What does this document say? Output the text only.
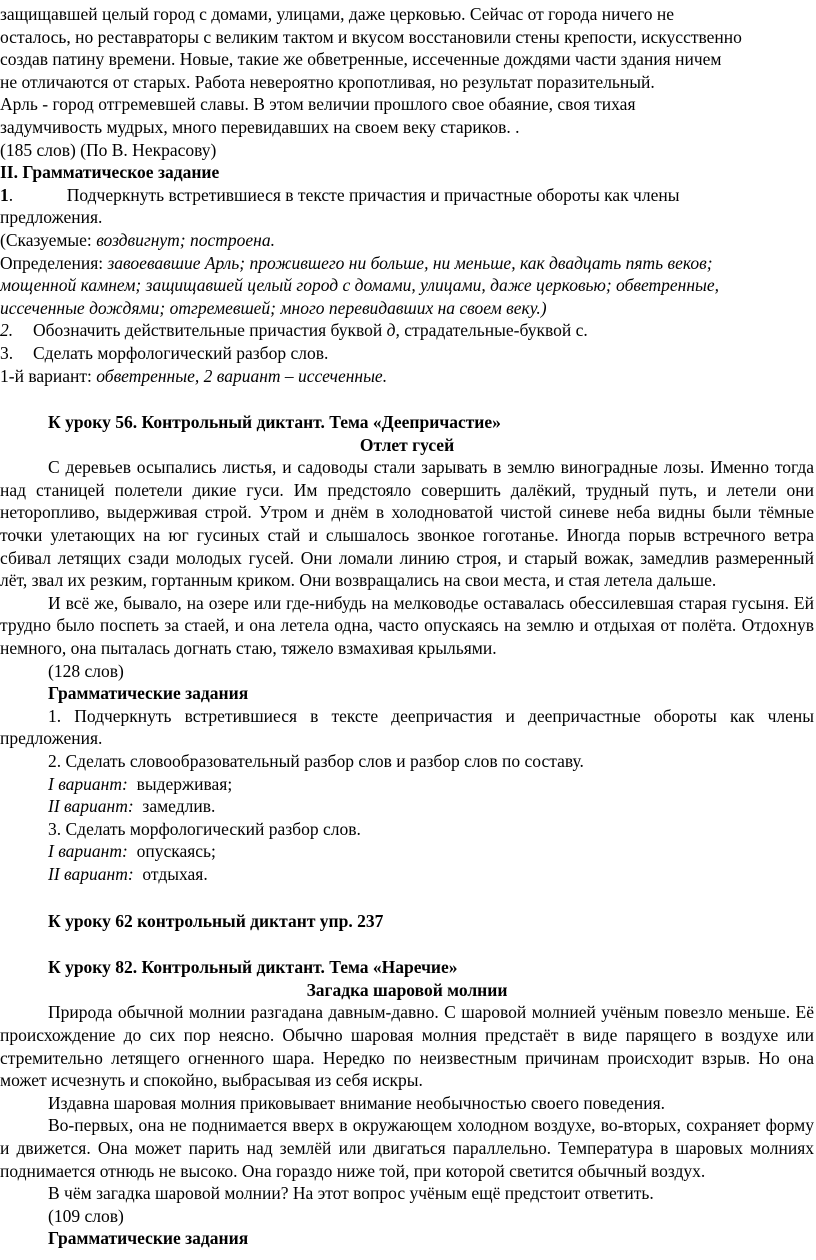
защищавшей целый город с домами, улицами, даже церковью. Сейчас от города ничего не

осталось, но реставраторы с великим тактом и вкусом восстановили стены крепости, искусственно

создав патину времени. Новые, такие же обветренные, иссеченные дождями части здания ничем

не отличаются от старых. Работа невероятно кропотливая, но результат поразительный.

Арль - город отгремевшей славы. В этом величии прошлого свое обаяние, своя тихая

задумчивость мудрых, много перевидавших на своем веку стариков. .

(185 слов) (По В. Некрасову)

II. Грамматическое задание

1.	Подчеркнуть встретившиеся в тексте причастия и причастные обороты как члены

предложения.

(Сказуемые: воздвигнут; построена.

Определения: завоевавшие Арль; прожившего ни больше, ни меньше, как двадцать пять веков;

мощенной камнем; защищавшей целый город с домами, улицами, даже церковью; обветренные,

иссеченные дождями; отгремевшей; много перевидавших на своем веку.)

2. Обозначить действительные причастия буквой д, страдательные-буквой с.

3. Сделать морфологический разбор слов.

1-й вариант: обветренные, 2 вариант – иссеченные.

К уроку 56. Контрольный диктант. Тема «Деепричастие»

Отлет гусей

С деревьев осыпались листья, и садоводы стали зарывать в землю виноградные лозы. Именно тогда над станицей полетели дикие гуси. Им предстояло совершить далёкий, трудный путь, и летели они неторопливо, выдерживая строй. Утром и днём в холодноватой чистой синеве неба видны были тёмные точки улетающих на юг гусиных стай и слышалось звонкое гоготанье. Иногда порыв встречного ветра сбивал летящих сзади молодых гусей. Они ломали линию строя, и старый вожак, замедлив размеренный лёт, звал их резким, гортанным криком. Они возвращались на свои места, и стая летела дальше.

И всё же, бывало, на озере или где-нибудь на мелководье оставалась обессилевшая старая гусыня. Ей трудно было поспеть за стаей, и она летела одна, часто опускаясь на землю и отдыхая от полёта. Отдохнув немного, она пыталась догнать стаю, тяжело взмахивая крыльями.

(128 слов)

Грамматические задания

1. Подчеркнуть встретившиеся в тексте деепричастия и деепричастные обороты как члены предложения.

2. Сделать словообразовательный разбор слов и разбор слов по составу.

I вариант: выдерживая;

II вариант: замедлив.

3. Сделать морфологический разбор слов.

I вариант: опускаясь;

II вариант: отдыхая.

К уроку 62 контрольный диктант упр. 237

К уроку 82. Контрольный диктант. Тема «Наречие»

Загадка шаровой молнии

Природа обычной молнии разгадана давным-давно. С шаровой молнией учёным повезло меньше. Её происхождение до сих пор неясно. Обычно шаровая молния предстаёт в виде парящего в воздухе или стремительно летящего огненного шара. Нередко по неизвестным причинам происходит взрыв. Но она может исчезнуть и спокойно, выбрасывая из себя искры.

Издавна шаровая молния приковывает внимание необычностью своего поведения.

Во-первых, она не поднимается вверх в окружающем холодном воздухе, во-вторых, сохраняет форму и движется. Она может парить над землёй или двигаться параллельно. Температура в шаровых молниях поднимается отнюдь не высоко. Она гораздо ниже той, при которой светится обычный воздух.

В чём загадка шаровой молнии? На этот вопрос учёным ещё предстоит ответить.

(109 слов)

Грамматические задания
